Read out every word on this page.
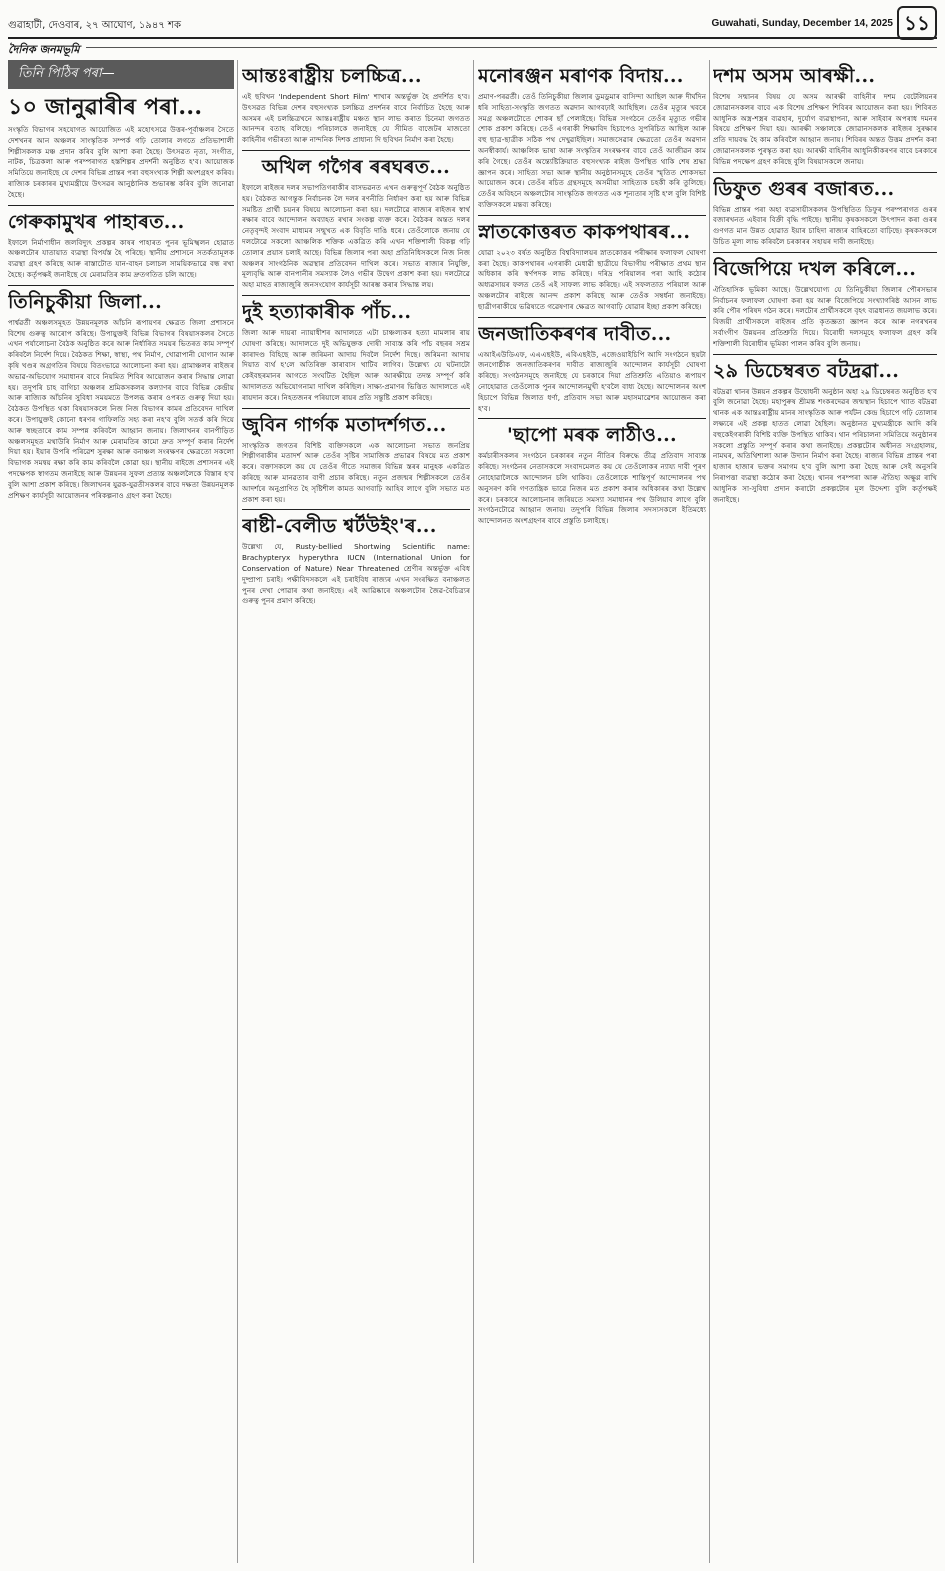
গুৱাহাটী, দেওবাৰ, ২৭ আঘোণ, ১৯৪৭ শক	Guwahati, Sunday, December 14, 2025 ১১
দৈনিক জনমভূমি
তিনি পিঠিৰ পৰা—
১০ জানুৱাৰীৰ পৰা...

সংস্কৃতি বিভাগৰ সহযোগত আয়োজিত এই মহোৎসৱে উত্তৰ-পূৰ্বাঞ্চলৰ সৈতে দেশখনৰ আন অঞ্চলৰ সাংস্কৃতিক সম্পৰ্ক গঢ়ি তোলাৰ লগতে প্ৰতিভাশালী শিল্পীসকলক মঞ্চ প্ৰদান কৰিব বুলি আশা কৰা হৈছে। উৎসৱত নৃত্য, সংগীত, নাটক, চিত্ৰকলা আৰু পৰম্পৰাগত হস্তশিল্পৰ প্ৰদৰ্শনী অনুষ্ঠিত হ'ব। আয়োজক সমিতিয়ে জনাইছে যে দেশৰ বিভিন্ন প্ৰান্তৰ পৰা বহুসংখ্যক শিল্পী অংশগ্ৰহণ কৰিব। ৰাজ্যিক চৰকাৰৰ মুখ্যমন্ত্ৰীয়ে উৎসৱৰ আনুষ্ঠানিক শুভাৰম্ভ কৰিব বুলি জনোৱা হৈছে।

গেৰুকামুখৰ পাহাৰত...

ইফালে নিৰ্মাণাধীন জলবিদ্যুৎ প্ৰকল্পৰ কাষৰ পাহাৰত পুনৰ ভূমিস্খলন হোৱাত অঞ্চলটোৰ যাতায়াত ব্যৱস্থা বিপৰ্যস্ত হৈ পৰিছে। স্থানীয় প্ৰশাসনে সতৰ্কতামূলক ব্যৱস্থা গ্ৰহণ কৰিছে আৰু ৰাস্তাটোত যান-বাহন চলাচল সাময়িকভাৱে বন্ধ ৰখা হৈছে। কৰ্তৃপক্ষই জনাইছে যে মেৰামতিৰ কাম দ্ৰুতগতিত চলি আছে।

তিনিচুকীয়া জিলা...

পাৰ্শ্বৱৰ্তী অঞ্চলসমূহত উন্নয়নমূলক আঁচনি ৰূপায়ণৰ ক্ষেত্ৰত জিলা প্ৰশাসনে বিশেষ গুৰুত্ব আৰোপ কৰিছে। উপায়ুক্তই বিভিন্ন বিভাগৰ বিষয়াসকলৰ সৈতে এখন পৰ্যালোচনা বৈঠক অনুষ্ঠিত কৰে আৰু নিৰ্ধাৰিত সময়ৰ ভিতৰত কাম সম্পূৰ্ণ কৰিবলৈ নিৰ্দেশ দিয়ে। বৈঠকত শিক্ষা, স্বাস্থ্য, পথ নিৰ্মাণ, খোৱাপানী যোগান আৰু কৃষি খণ্ডৰ অগ্ৰগতিৰ বিষয়ে বিতংভাৱে আলোচনা কৰা হয়। গ্ৰামাঞ্চলৰ ৰাইজৰ অভাৱ-অভিযোগ সমাধানৰ বাবে নিয়মিত শিবিৰ আয়োজন কৰাৰ সিদ্ধান্ত লোৱা হয়। তদুপৰি চাহ বাগিচা অঞ্চলৰ শ্ৰমিকসকলৰ কল্যাণৰ বাবে বিভিন্ন কেন্দ্ৰীয় আৰু ৰাজ্যিক আঁচনিৰ সুবিধা সময়মতে উপলব্ধ কৰাৰ ওপৰত গুৰুত্ব দিয়া হয়। বৈঠকত উপস্থিত থকা বিষয়াসকলে নিজ নিজ বিভাগৰ কামৰ প্ৰতিবেদন দাখিল কৰে। উপায়ুক্তই কোনো ধৰণৰ গাফিলতি সহ্য কৰা নহ'ব বুলি সতৰ্ক কৰি দিয়ে আৰু স্বচ্ছতাৰে কাম সম্পন্ন কৰিবলৈ আহ্বান জনায়। জিলাখনৰ বানপীড়িত অঞ্চলসমূহত মথাউৰি নিৰ্মাণ আৰু মেৰামতিৰ কামো দ্ৰুত সম্পূৰ্ণ কৰাৰ নিৰ্দেশ দিয়া হয়। ইয়াৰ উপৰি পৰিৱেশ সুৰক্ষা আৰু বনাঞ্চল সংৰক্ষণৰ ক্ষেত্ৰতো সকলো বিভাগক সমন্বয় ৰক্ষা কৰি কাম কৰিবলৈ কোৱা হয়। স্থানীয় ৰাইজে প্ৰশাসনৰ এই পদক্ষেপক স্বাগতম জনাইছে আৰু উন্নয়নৰ সুফল প্ৰত্যন্ত অঞ্চললৈকে বিস্তাৰ হ'ব বুলি আশা প্ৰকাশ কৰিছে। জিলাখনৰ যুৱক-যুৱতীসকলৰ বাবে দক্ষতা উন্নয়নমূলক প্ৰশিক্ষণ কাৰ্যসূচী আয়োজনৰ পৰিকল্পনাও গ্ৰহণ কৰা হৈছে।

আন্তঃৰাষ্ট্ৰীয় চলচ্চিত্ৰ...

এই ছবিখন 'Independent Short Film' শাখাৰ অন্তৰ্ভুক্ত হৈ প্ৰদৰ্শিত হ'ব। উৎসৱত বিভিন্ন দেশৰ বহুসংখ্যক চলচ্চিত্ৰ প্ৰদৰ্শনৰ বাবে নিৰ্বাচিত হৈছে আৰু অসমৰ এই চলচ্চিত্ৰখনে আন্তঃৰাষ্ট্ৰীয় মঞ্চত স্থান লাভ কৰাত চিনেমা জগতত আনন্দৰ বতাহ বলিছে। পৰিচালকে জনাইছে যে সীমিত বাজেটৰ মাজতো কাহিনীৰ গভীৰতা আৰু নান্দনিক দিশক প্ৰাধান্য দি ছবিখন নিৰ্মাণ কৰা হৈছে।

অখিল গগৈৰ ৰৰঘৰত...

ইফালে ৰাইজৰ দলৰ সভাপতিগৰাকীৰ বাসভৱনত এখন গুৰুত্বপূৰ্ণ বৈঠক অনুষ্ঠিত হয়। বৈঠকত আগন্তুক নিৰ্বাচনক লৈ দলৰ ৰণনীতি নিৰ্ধাৰণ কৰা হয় আৰু বিভিন্ন সমষ্টিত প্ৰাৰ্থী চয়নৰ বিষয়ে আলোচনা কৰা হয়। দলটোৱে ৰাজ্যৰ ৰাইজৰ স্বাৰ্থ ৰক্ষাৰ বাবে আন্দোলন অব্যাহত ৰখাৰ সংকল্প ব্যক্ত কৰে। বৈঠকৰ অন্তত দলৰ নেতৃবৃন্দই সংবাদ মাধ্যমৰ সন্মুখত এক বিবৃতি দাঙি ধৰে। তেওঁলোকে জনায় যে দলটোৱে সকলো আঞ্চলিক শক্তিক একত্ৰিত কৰি এখন শক্তিশালী বিকল্প গঢ়ি তোলাৰ প্ৰয়াস চলাই আছে। বিভিন্ন জিলাৰ পৰা অহা প্ৰতিনিধিসকলে নিজ নিজ অঞ্চলৰ সাংগঠনিক অৱস্থাৰ প্ৰতিবেদন দাখিল কৰে। সভাত ৰাজ্যৰ নিযুক্তি, মূল্যবৃদ্ধি আৰু বানপানীৰ সমস্যাক লৈও গভীৰ উদ্বেগ প্ৰকাশ কৰা হয়। দলটোৱে অহা মাহত ৰাজ্যজুৰি জনসংযোগ কাৰ্যসূচী আৰম্ভ কৰাৰ সিদ্ধান্ত লয়।

দুই হত্যাকাৰীক পাঁচ...

জিলা আৰু দায়ৰা ন্যায়াধীশৰ আদালতে এটা চাঞ্চল্যকৰ হত্যা মামলাৰ ৰায় ঘোষণা কৰিছে। আদালতে দুই অভিযুক্তক দোষী সাব্যস্ত কৰি পাঁচ বছৰৰ সশ্ৰম কাৰাদণ্ড বিহিছে আৰু জৰিমনা আদায় দিবলৈ নিৰ্দেশ দিছে। জৰিমনা আদায় দিয়াত ব্যৰ্থ হ'লে অতিৰিক্ত কাৰাবাস খাটিব লাগিব। উল্লেখ্য যে ঘটনাটো কেইবছৰমানৰ আগতে সংঘটিত হৈছিল আৰু আৰক্ষীয়ে তদন্ত সম্পূৰ্ণ কৰি আদালতত অভিযোগনামা দাখিল কৰিছিল। সাক্ষ্য-প্ৰমাণৰ ভিত্তিত আদালতে এই ৰায়দান কৰে। নিহতজনৰ পৰিয়ালে ৰায়ৰ প্ৰতি সন্তুষ্টি প্ৰকাশ কৰিছে।

জুবিন গাৰ্গক মতাদৰ্শগত...

সাংস্কৃতিক জগতৰ বিশিষ্ট ব্যক্তিসকলে এক আলোচনা সভাত জনপ্ৰিয় শিল্পীগৰাকীৰ মতাদৰ্শ আৰু তেওঁৰ সৃষ্টিৰ সামাজিক প্ৰভাৱৰ বিষয়ে মত প্ৰকাশ কৰে। বক্তাসকলে কয় যে তেওঁৰ গীতে সমাজৰ বিভিন্ন স্তৰৰ মানুহক একত্ৰিত কৰিছে আৰু মানৱতাৰ বাণী প্ৰচাৰ কৰিছে। নতুন প্ৰজন্মৰ শিল্পীসকলে তেওঁৰ আদৰ্শৰে অনুপ্ৰাণিত হৈ সৃষ্টিশীল কামত আগবাঢ়ি আহিব লাগে বুলি সভাত মত প্ৰকাশ কৰা হয়।

ৰাষ্টী-বেলীড শ্বৰ্টউইং'ৰ...

উল্লেখ্য যে, Rusty-bellied Shortwing Scientific name: Brachypteryx hyperythra IUCN (International Union for Conservation of Nature) Near Threatened শ্ৰেণীৰ অন্তৰ্ভুক্ত এবিধ দুষ্প্ৰাপ্য চৰাই। পক্ষীবিদসকলে এই চৰাইবিধ ৰাজ্যৰ এখন সংৰক্ষিত বনাঞ্চলত পুনৰ দেখা পোৱাৰ কথা জনাইছে। এই আৱিষ্কাৰে অঞ্চলটোৰ জৈৱ-বৈচিত্ৰ্যৰ গুৰুত্ব পুনৰ প্ৰমাণ কৰিছে।

মনোৰঞ্জন মৰাণক বিদায়...

প্ৰমাণ-পৰৱৰ্তী। তেওঁ তিনিচুকীয়া জিলাৰ ডুমডুমাৰ বাসিন্দা আছিল আৰু দীৰ্ঘদিন ধৰি সাহিত্য-সংস্কৃতি জগতত অৱদান আগবঢ়াই আহিছিল। তেওঁৰ মৃত্যুৰ খবৰে সমগ্ৰ অঞ্চলটোতে শোকৰ ছাঁ পেলাইছে। বিভিন্ন সংগঠনে তেওঁৰ মৃত্যুত গভীৰ শোক প্ৰকাশ কৰিছে। তেওঁ এগৰাকী শিক্ষাবিদ হিচাপেও সুপৰিচিত আছিল আৰু বহু ছাত্ৰ-ছাত্ৰীক সঠিক পথ দেখুৱাইছিল। সমাজসেৱাৰ ক্ষেত্ৰতো তেওঁৰ অৱদান অনস্বীকাৰ্য। আঞ্চলিক ভাষা আৰু সংস্কৃতিৰ সংৰক্ষণৰ বাবে তেওঁ আজীৱন কাম কৰি গৈছে। তেওঁৰ অন্ত্যেষ্টিক্ৰিয়াত বহুসংখ্যক ৰাইজ উপস্থিত থাকি শেষ শ্ৰদ্ধা জ্ঞাপন কৰে। সাহিত্য সভা আৰু স্থানীয় অনুষ্ঠানসমূহে তেওঁৰ স্মৃতিত শোকসভা আয়োজন কৰে। তেওঁৰ ৰচিত গ্ৰন্থসমূহে অসমীয়া সাহিত্যক চহকী কৰি তুলিছে। তেওঁৰ অবিহনে অঞ্চলটোৰ সাংস্কৃতিক জগতত এক শূন্যতাৰ সৃষ্টি হ'ল বুলি বিশিষ্ট ব্যক্তিসকলে মন্তব্য কৰিছে।

স্নাতকোত্তৰত কাকপথাৰৰ...

যোৱা ২০২৩ বৰ্ষত অনুষ্ঠিত বিশ্ববিদ্যালয়ৰ স্নাতকোত্তৰ পৰীক্ষাৰ ফলাফল ঘোষণা কৰা হৈছে। কাকপথাৰৰ এগৰাকী মেধাৱী ছাত্ৰীয়ে বিভাগীয় পৰীক্ষাত প্ৰথম স্থান অধিকাৰ কৰি স্বৰ্ণপদক লাভ কৰিছে। দৰিদ্ৰ পৰিয়ালৰ পৰা আহি কঠোৰ অধ্যৱসায়ৰ ফলত তেওঁ এই সাফল্য লাভ কৰিছে। এই সফলতাত পৰিয়াল আৰু অঞ্চলটোৰ ৰাইজে আনন্দ প্ৰকাশ কৰিছে আৰু তেওঁক সম্বৰ্ধনা জনাইছে। ছাত্ৰীগৰাকীয়ে ভৱিষ্যতে গৱেষণাৰ ক্ষেত্ৰত আগবাঢ়ি যোৱাৰ ইচ্ছা প্ৰকাশ কৰিছে।

জনজাতিকৰণৰ দাবীত...

এআইএউডিএফ, এএএছইউ, এবিএছইউ, এজেওয়াইচিপি আদি সংগঠনে ছয়টা জনগোষ্ঠীক জনজাতিকৰণৰ দাবীত ৰাজ্যজুৰি আন্দোলন কাৰ্যসূচী ঘোষণা কৰিছে। সংগঠনসমূহে জনাইছে যে চৰকাৰে দিয়া প্ৰতিশ্ৰুতি এতিয়াও ৰূপায়ণ নোহোৱাত তেওঁলোক পুনৰ আন্দোলনমুখী হ'বলৈ বাধ্য হৈছে। আন্দোলনৰ অংশ হিচাপে বিভিন্ন জিলাত ধৰ্ণা, প্ৰতিবাদ সভা আৰু মহাসমাৱেশৰ আয়োজন কৰা হ'ব।

'ছাপো মৰক লাঠীও...

কৰ্মচাৰীসকলৰ সংগঠনে চৰকাৰৰ নতুন নীতিৰ বিৰুদ্ধে তীব্ৰ প্ৰতিবাদ সাব্যস্ত কৰিছে। সংগঠনৰ নেতাসকলে সংবাদমেলত কয় যে তেওঁলোকৰ ন্যায্য দাবী পূৰণ নোহোৱালৈকে আন্দোলন চলি থাকিব। তেওঁলোকে শান্তিপূৰ্ণ আন্দোলনৰ পথ অনুসৰণ কৰি গণতান্ত্ৰিক ভাৱে নিজৰ মত প্ৰকাশ কৰাৰ অধিকাৰৰ কথা উল্লেখ কৰে। চৰকাৰে আলোচনাৰ জৰিয়তে সমস্যা সমাধানৰ পথ উলিয়াব লাগে বুলি সংগঠনটোৱে আহ্বান জনায়। তদুপৰি বিভিন্ন জিলাৰ সদস্যসকলে ইতিমধ্যে আন্দোলনত অংশগ্ৰহণৰ বাবে প্ৰস্তুতি চলাইছে।

দশম অসম আৰক্ষী...

বিশেষ সন্মানৰ বিষয় যে অসম আৰক্ষী বাহিনীৰ দশম বেটেলিয়নৰ জোৱানসকলৰ বাবে এক বিশেষ প্ৰশিক্ষণ শিবিৰৰ আয়োজন কৰা হয়। শিবিৰত আধুনিক অস্ত্ৰ-শস্ত্ৰৰ ব্যৱহাৰ, দুৰ্যোগ ব্যৱস্থাপনা, আৰু সাইবাৰ অপৰাধ দমনৰ বিষয়ে প্ৰশিক্ষণ দিয়া হয়। আৰক্ষী সঞ্চালকে জোৱানসকলক ৰাইজৰ সুৰক্ষাৰ প্ৰতি দায়বদ্ধ হৈ কাম কৰিবলৈ আহ্বান জনায়। শিবিৰৰ অন্তত উত্তম প্ৰদৰ্শন কৰা জোৱানসকলক পুৰস্কৃত কৰা হয়। আৰক্ষী বাহিনীৰ আধুনিকীকৰণৰ বাবে চৰকাৰে বিভিন্ন পদক্ষেপ গ্ৰহণ কৰিছে বুলি বিষয়াসকলে জনায়।

ডিফুত গুৰৰ বজাৰত...

বিভিন্ন প্ৰান্তৰ পৰা অহা ব্যৱসায়ীসকলৰ উপস্থিতিত ডিফুৰ পৰম্পৰাগত গুৰৰ বজাৰখনত এইবাৰ বিক্ৰী বৃদ্ধি পাইছে। স্থানীয় কৃষকসকলে উৎপাদন কৰা গুৰৰ গুণগত মান উন্নত হোৱাত ইয়াৰ চাহিদা ৰাজ্যৰ বাহিৰতো বাঢ়িছে। কৃষকসকলে উচিত মূল্য লাভ কৰিবলৈ চৰকাৰৰ সহায়ৰ দাবী জনাইছে।

বিজেপিয়ে দখল কৰিলে...

ঐতিহাসিক ভূমিকা আছে। উল্লেখযোগ্য যে তিনিচুকীয়া জিলাৰ পৌৰসভাৰ নিৰ্বাচনৰ ফলাফল ঘোষণা কৰা হয় আৰু বিজেপিয়ে সংখ্যাগৰিষ্ঠ আসন লাভ কৰি পৌৰ পৰিষদ গঠন কৰে। দলটোৰ প্ৰাৰ্থীসকলে বৃহৎ ব্যৱধানত জয়লাভ কৰে। বিজয়ী প্ৰাৰ্থীসকলে ৰাইজৰ প্ৰতি কৃতজ্ঞতা জ্ঞাপন কৰে আৰু নগৰখনৰ সৰ্বাংগীণ উন্নয়নৰ প্ৰতিশ্ৰুতি দিয়ে। বিৰোধী দলসমূহে ফলাফল গ্ৰহণ কৰি শক্তিশালী বিৰোধীৰ ভূমিকা পালন কৰিব বুলি জনায়।

২৯ ডিচেম্বৰত বটদ্ৰৱা...

বটদ্ৰৱা থানৰ উন্নয়ন প্ৰকল্পৰ উদ্বোধনী অনুষ্ঠান অহা ২৯ ডিচেম্বৰত অনুষ্ঠিত হ'ব বুলি জনোৱা হৈছে। মহাপুৰুষ শ্ৰীমন্ত শংকৰদেৱৰ জন্মস্থান হিচাপে খ্যাত বটদ্ৰৱা থানক এক আন্তঃৰাষ্ট্ৰীয় মানৰ সাংস্কৃতিক আৰু পৰ্যটন কেন্দ্ৰ হিচাপে গঢ়ি তোলাৰ লক্ষ্যৰে এই প্ৰকল্প হাতত লোৱা হৈছিল। অনুষ্ঠানত মুখ্যমন্ত্ৰীকে আদি কৰি বহুকেইগৰাকী বিশিষ্ট ব্যক্তি উপস্থিত থাকিব। থান পৰিচালনা সমিতিয়ে অনুষ্ঠানৰ সকলো প্ৰস্তুতি সম্পূৰ্ণ কৰাৰ কথা জনাইছে। প্ৰকল্পটোৰ অধীনত সংগ্ৰহালয়, নামঘৰ, অতিথিশালা আৰু উদ্যান নিৰ্মাণ কৰা হৈছে। ৰাজ্যৰ বিভিন্ন প্ৰান্তৰ পৰা হাজাৰ হাজাৰ ভক্তৰ সমাগম হ'ব বুলি আশা কৰা হৈছে আৰু সেই অনুসৰি নিৰাপত্তা ব্যৱস্থা কঠোৰ কৰা হৈছে। থানৰ পৰম্পৰা আৰু ঐতিহ্য অক্ষুণ্ণ ৰাখি আধুনিক সা-সুবিধা প্ৰদান কৰাটো প্ৰকল্পটোৰ মূল উদ্দেশ্য বুলি কৰ্তৃপক্ষই জনাইছে।
